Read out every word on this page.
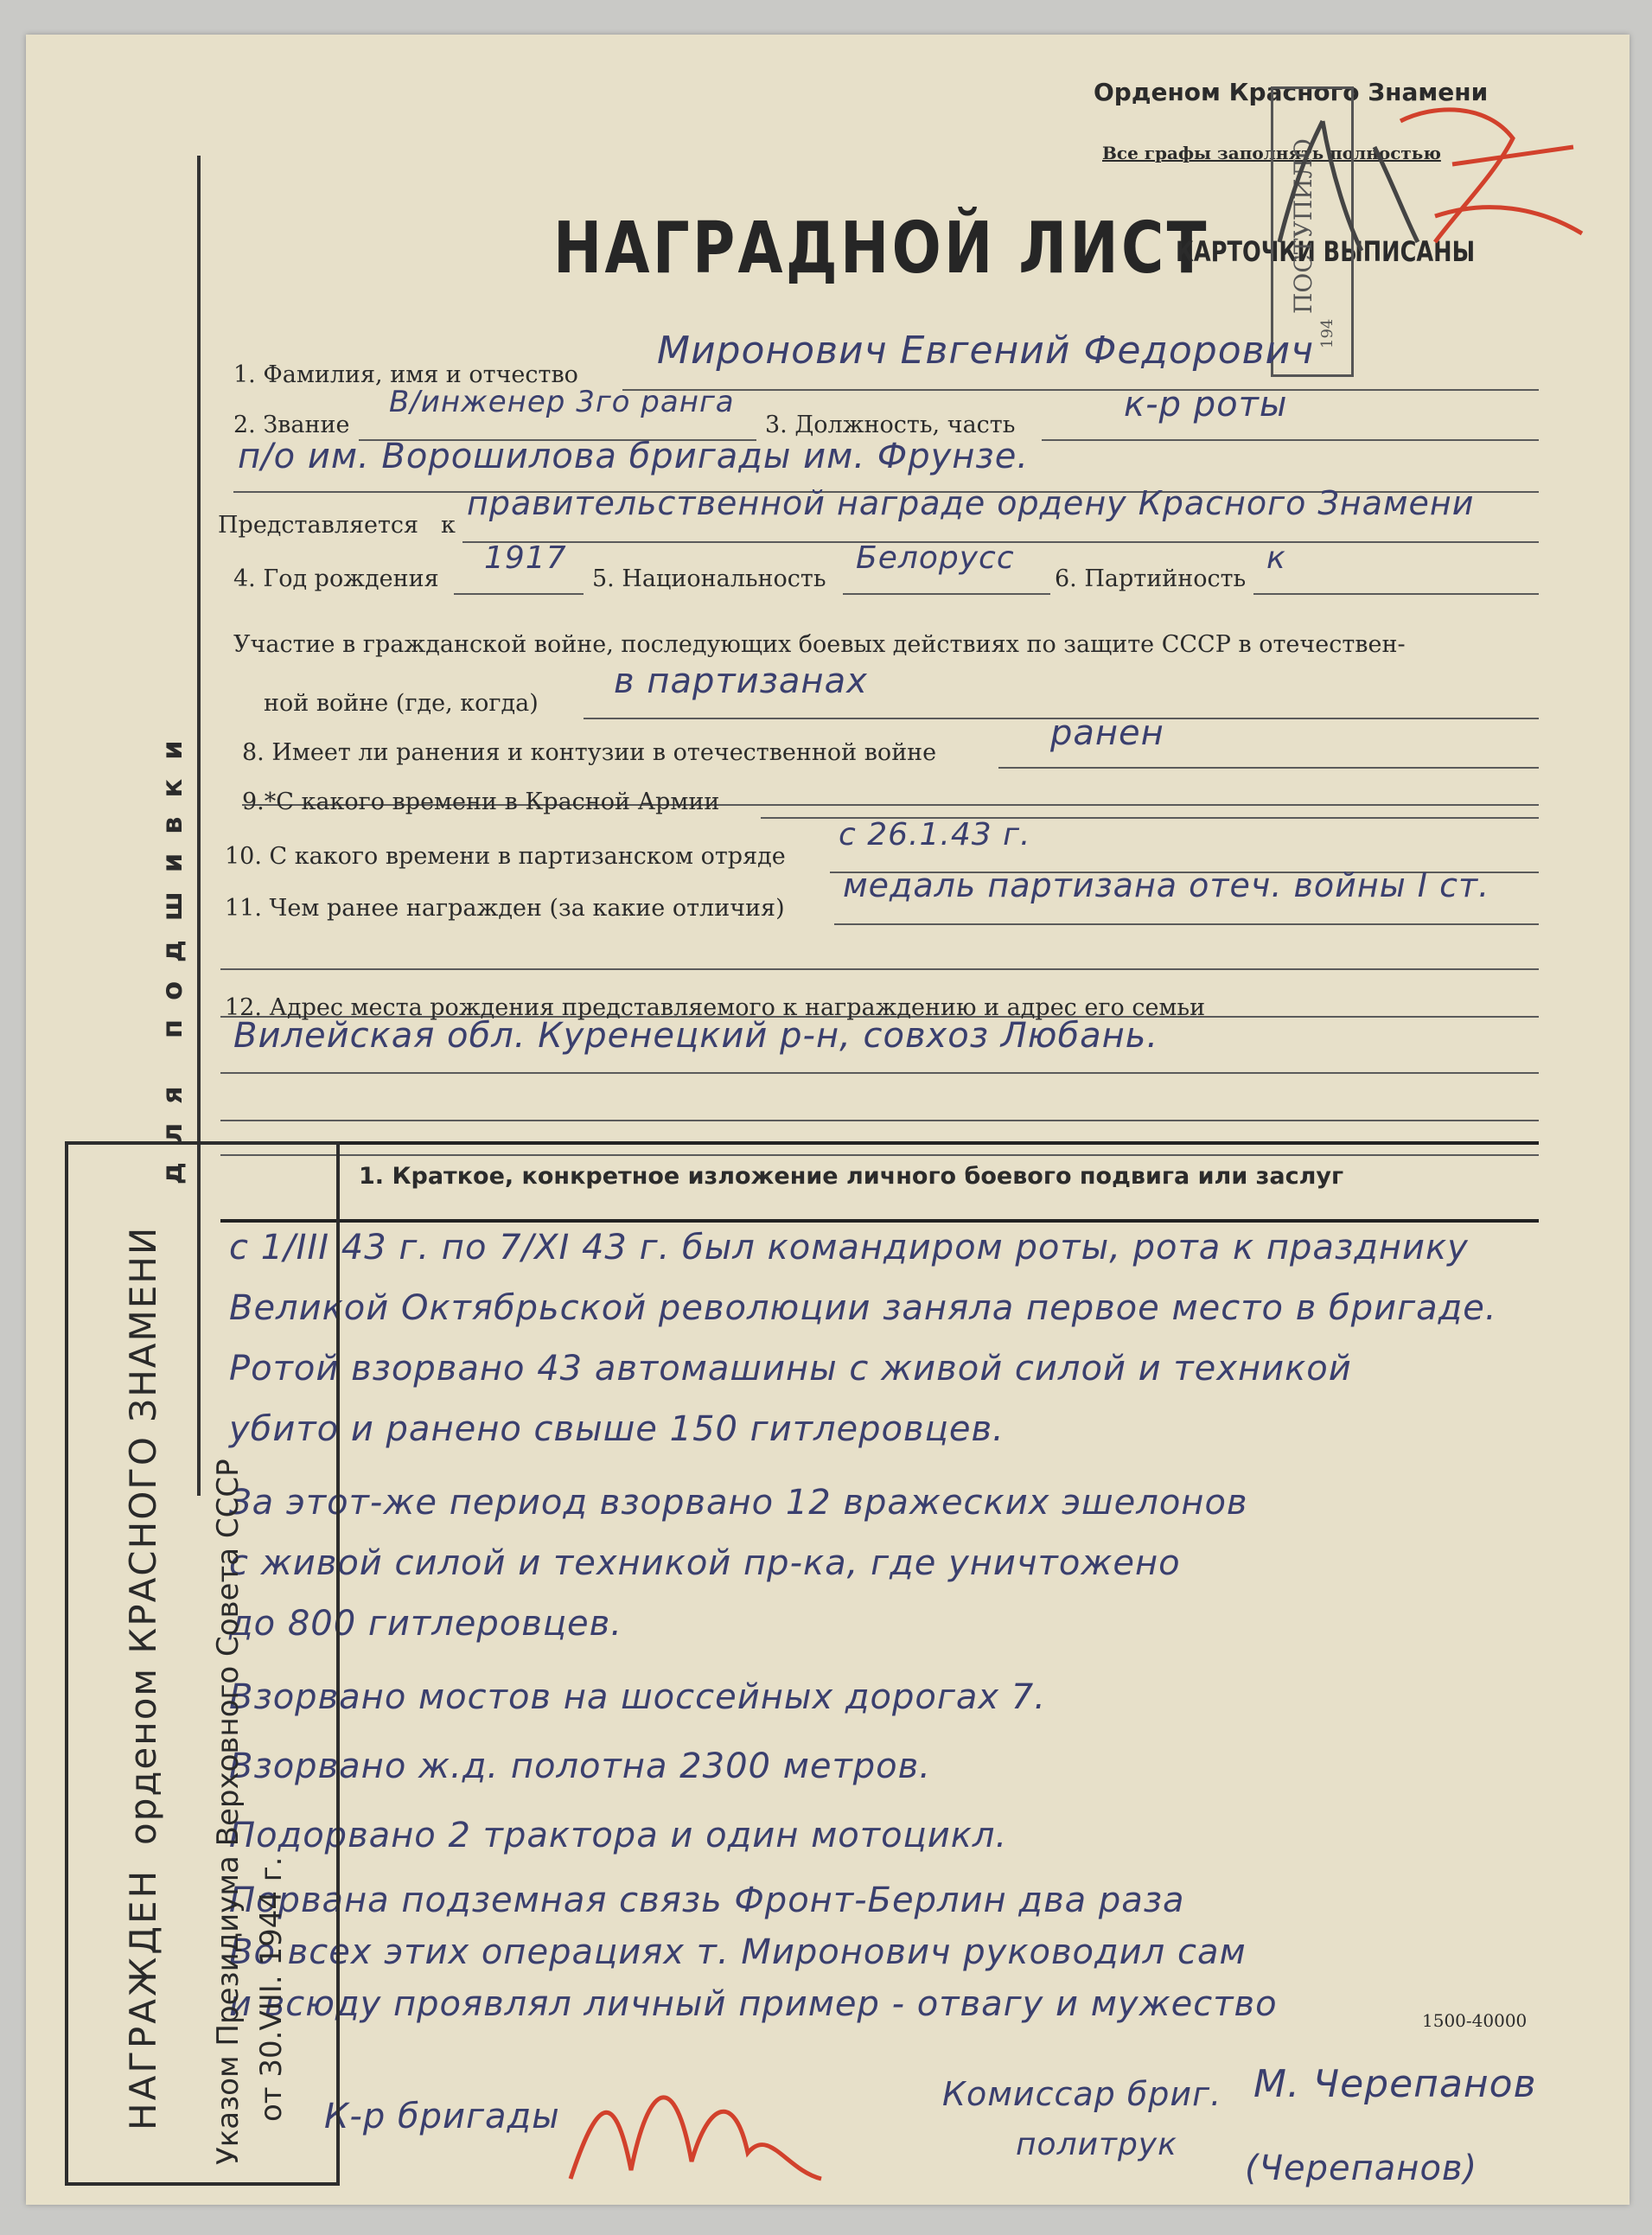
Орденом Красного Знамени
Все графы заполнять полностью
НАГРАДНОЙ ЛИСТ
КАРТОЧКИ ВЫПИСАНЫ
ПОСТУПИЛО
194
для подшивки
1. Фамилия, имя и отчество
Миронович Евгений Федорович
2. Звание
В/инженер 3го ранга
3. Должность, часть
к-р роты
п/о им. Ворошилова бригады им. Фрунзе.
Представляется к
правительственной награде ордену Красного Знамени
4. Год рождения
1917
5. Национальность
Белорусс
6. Партийность
к
Участие в гражданской войне, последующих боевых действиях по защите СССР в отечествен-
ной войне (где, когда)
в партизанах
8. Имеет ли ранения и контузии в отечественной войне	ранен
9.*С какого времени в Красной Армии
10. С какого времени в партизанском отряде
с 26.1.43 г.
11. Чем ранее награжден (за какие отличия)
медаль партизана отеч. войны I ст.
12. Адрес места рождения представляемого к награждению и адрес его семьи
Вилейская обл. Куренецкий р-н, совхоз Любань.
1. Краткое, конкретное изложение личного боевого подвига или заслуг
с 1/III 43 г. по 7/XI 43 г. был командиром роты, рота к празднику
Великой Октябрьской революции заняла первое место в бригаде.
Ротой взорвано 43 автомашины с живой силой и техникой
убито и ранено свыше 150 гитлеровцев.
За этот-же период взорвано 12 вражеских эшелонов
с живой силой и техникой пр-ка, где уничтожено
до 800 гитлеровцев.
Взорвано мостов на шоссейных дорогах 7.
Взорвано ж.д. полотна 2300 метров.
Подорвано 2 трактора и один мотоцикл.
Порвана подземная связь Фронт-Берлин два раза
Во всех этих операциях т. Миронович руководил сам
и всюду проявлял личный пример - отвагу и мужество	1500-40000
К-р бригады
Комиссар бриг.
политрук
М. Черепанов
(Черепанов)
НАГРАЖДЕН
орденом КРАСНОГО ЗНАМЕНИ Указом Президиума Верховного Совета СССР от 30.VIII. 1944 г.
